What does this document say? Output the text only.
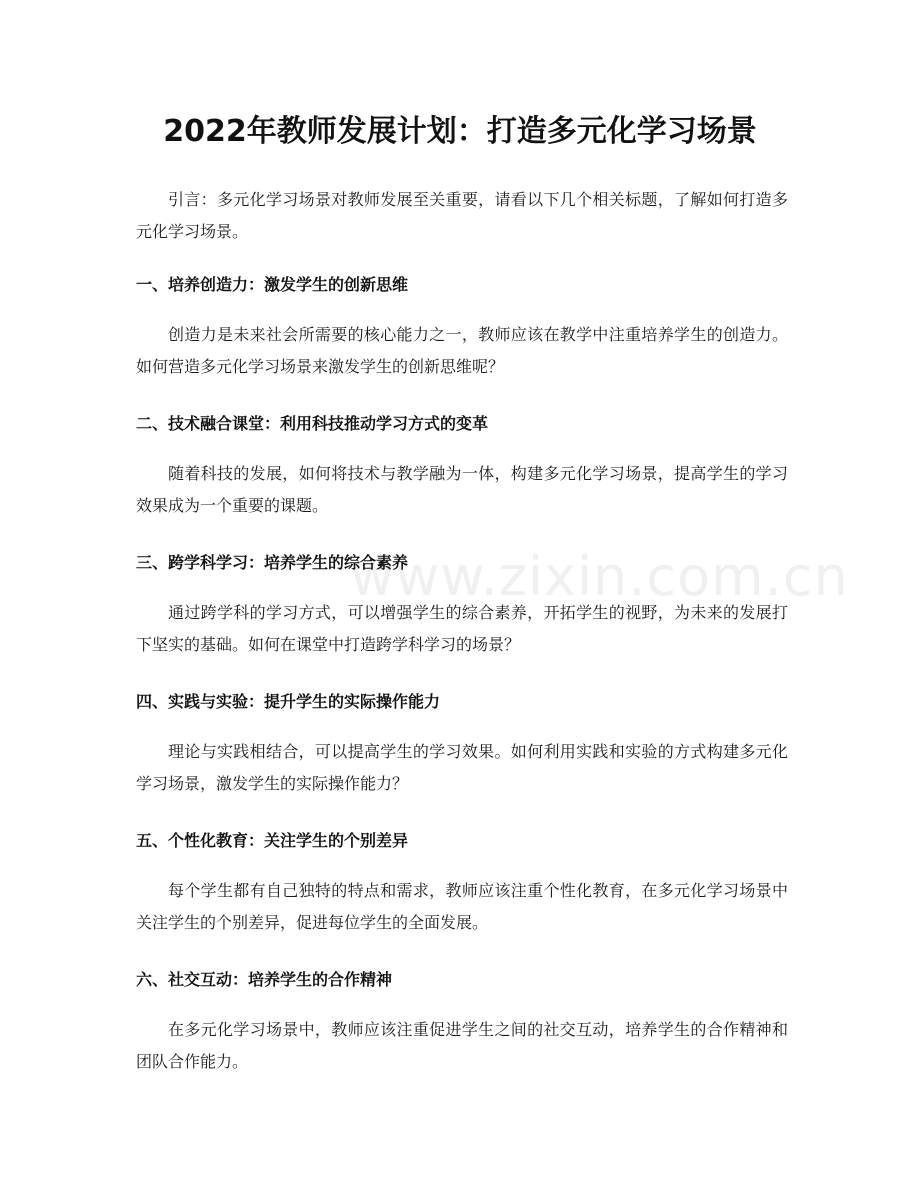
2022年教师发展计划：打造多元化学习场景

引言：多元化学习场景对教师发展至关重要，请看以下几个相关标题，了解如何打造多元化学习场景。

一、培养创造力：激发学生的创新思维

创造力是未来社会所需要的核心能力之一，教师应该在教学中注重培养学生的创造力。如何营造多元化学习场景来激发学生的创新思维呢？

二、技术融合课堂：利用科技推动学习方式的变革

随着科技的发展，如何将技术与教学融为一体，构建多元化学习场景，提高学生的学习效果成为一个重要的课题。

三、跨学科学习：培养学生的综合素养

通过跨学科的学习方式，可以增强学生的综合素养，开拓学生的视野，为未来的发展打下坚实的基础。如何在课堂中打造跨学科学习的场景？

四、实践与实验：提升学生的实际操作能力

理论与实践相结合，可以提高学生的学习效果。如何利用实践和实验的方式构建多元化学习场景，激发学生的实际操作能力？

五、个性化教育：关注学生的个别差异

每个学生都有自己独特的特点和需求，教师应该注重个性化教育，在多元化学习场景中关注学生的个别差异，促进每位学生的全面发展。

六、社交互动：培养学生的合作精神

在多元化学习场景中，教师应该注重促进学生之间的社交互动，培养学生的合作精神和团队合作能力。

www.zixin.com.cn
